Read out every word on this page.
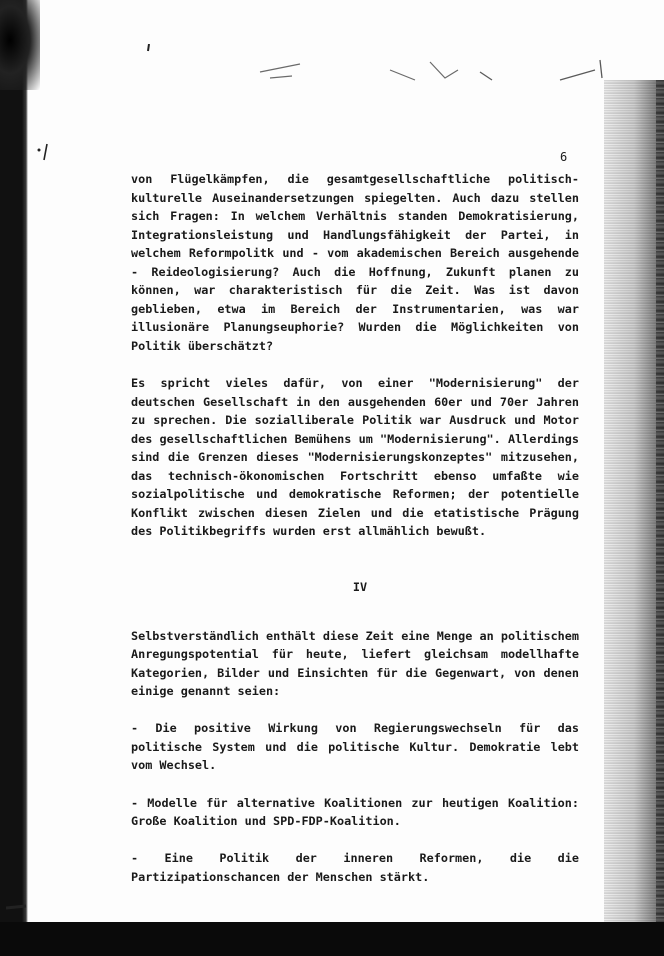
6

von Flügelkämpfen, die gesamtgesellschaftliche politisch-kulturelle Auseinandersetzungen spiegelten. Auch dazu stellen sich Fragen: In welchem Verhältnis standen Demokratisierung, Integrationsleistung und Handlungsfähigkeit der Partei, in welchem Reformpolitk und - vom akademischen Bereich ausgehende - Reideologisierung? Auch die Hoffnung, Zukunft planen zu können, war charakteristisch für die Zeit. Was ist davon geblieben, etwa im Bereich der Instrumentarien, was war illusionäre Planungseuphorie? Wurden die Möglichkeiten von Politik überschätzt?

Es spricht vieles dafür, von einer "Modernisierung" der deutschen Gesellschaft in den ausgehenden 60er und 70er Jahren zu sprechen. Die sozialliberale Politik war Ausdruck und Motor des gesellschaftlichen Bemühens um "Modernisierung". Allerdings sind die Grenzen dieses "Modernisierungskonzeptes" mitzusehen, das technisch-ökonomischen Fortschritt ebenso umfaßte wie sozialpolitische und demokratische Reformen; der potentielle Konflikt zwischen diesen Zielen und die etatistische Prägung des Politikbegriffs wurden erst allmählich bewußt.

IV

Selbstverständlich enthält diese Zeit eine Menge an politischem Anregungspotential für heute, liefert gleichsam modellhafte Kategorien, Bilder und Einsichten für die Gegenwart, von denen einige genannt seien:

- Die positive Wirkung von Regierungswechseln für das politische System und die politische Kultur. Demokratie lebt vom Wechsel.

- Modelle für alternative Koalitionen zur heutigen Koalition: Große Koalition und SPD-FDP-Koalition.

- Eine Politik der inneren Reformen, die die Partizipationschancen der Menschen stärkt.
